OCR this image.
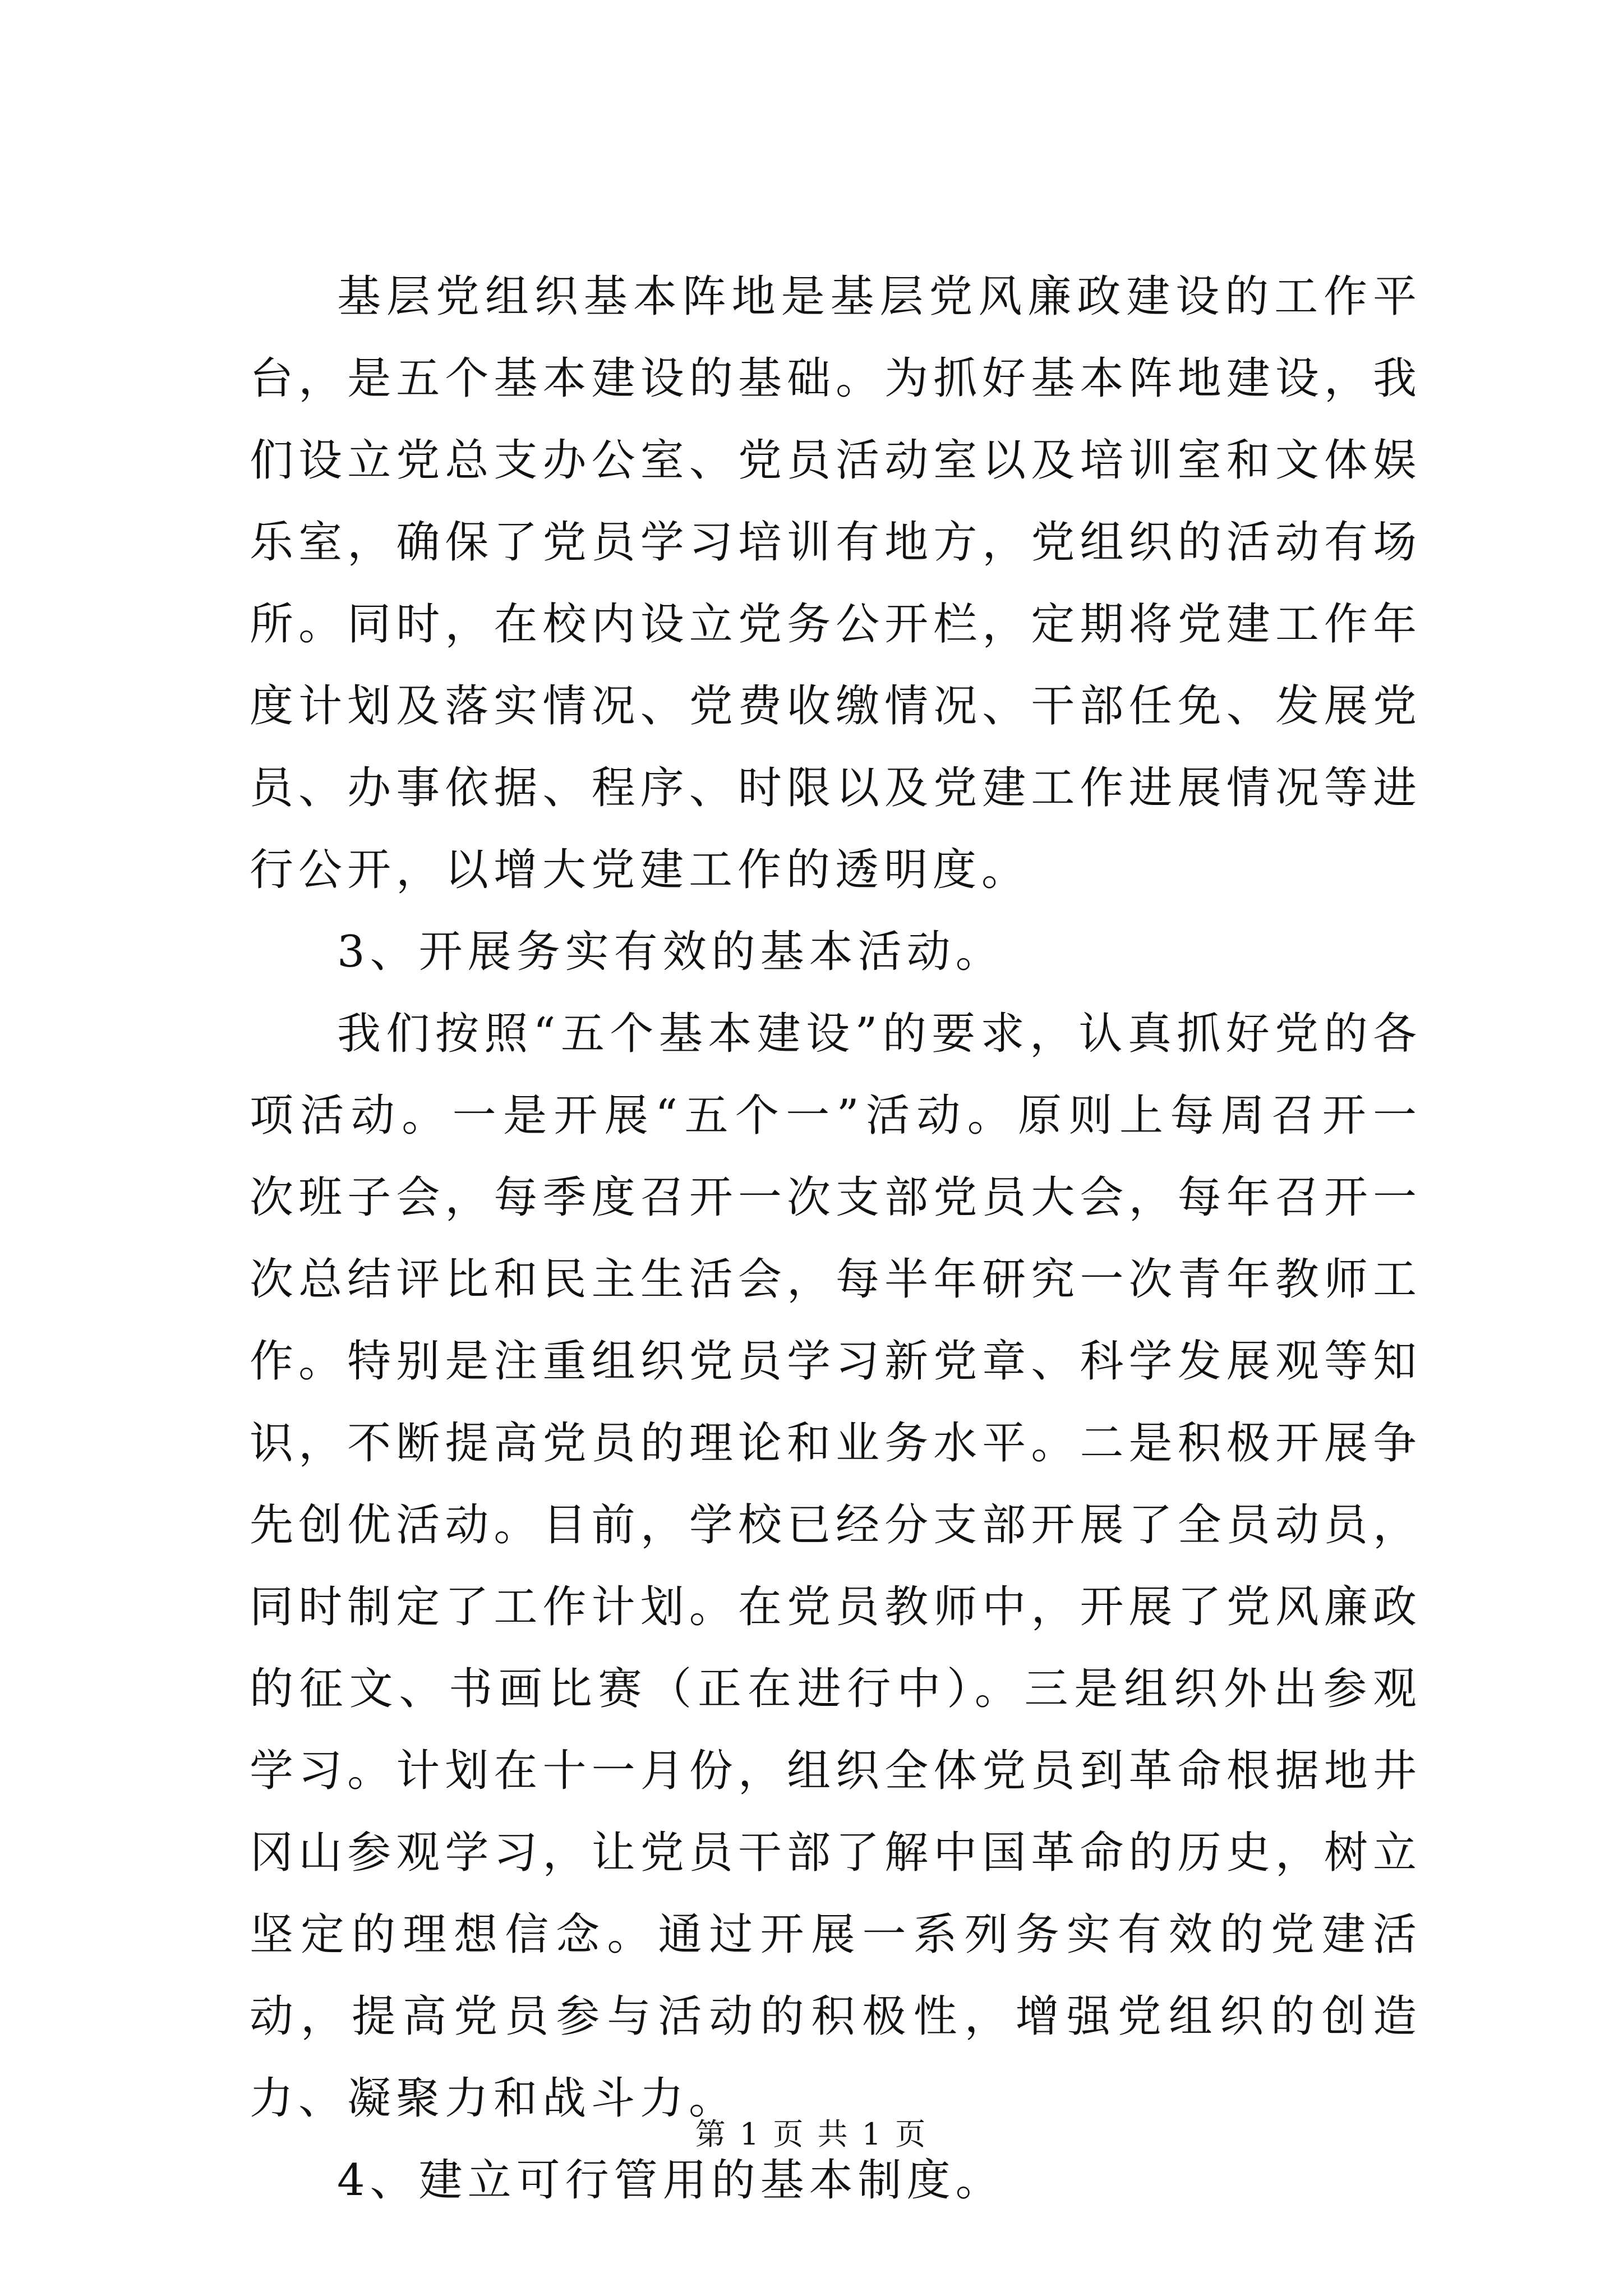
基层党组织基本阵地是基层党风廉政建设的工作平台，是五个基本建设的基础。为抓好基本阵地建设，我们设立党总支办公室、党员活动室以及培训室和文体娱乐室，确保了党员学习培训有地方，党组织的活动有场所。同时，在校内设立党务公开栏，定期将党建工作年度计划及落实情况、党费收缴情况、干部任免、发展党员、办事依据、程序、时限以及党建工作进展情况等进行公开，以增大党建工作的透明度。

3、开展务实有效的基本活动。

我们按照“五个基本建设”的要求，认真抓好党的各项活动。一是开展“五个一”活动。原则上每周召开一次班子会，每季度召开一次支部党员大会，每年召开一次总结评比和民主生活会，每半年研究一次青年教师工作。特别是注重组织党员学习新党章、科学发展观等知识，不断提高党员的理论和业务水平。二是积极开展争先创优活动。目前，学校已经分支部开展了全员动员，同时制定了工作计划。在党员教师中，开展了党风廉政的征文、书画比赛（正在进行中）。三是组织外出参观学习。计划在十一月份，组织全体党员到革命根据地井冈山参观学习，让党员干部了解中国革命的历史，树立坚定的理想信念。通过开展一系列务实有效的党建活动，提高党员参与活动的积极性，增强党组织的创造力、凝聚力和战斗力。

4、建立可行管用的基本制度。

第 1 页 共 1 页
